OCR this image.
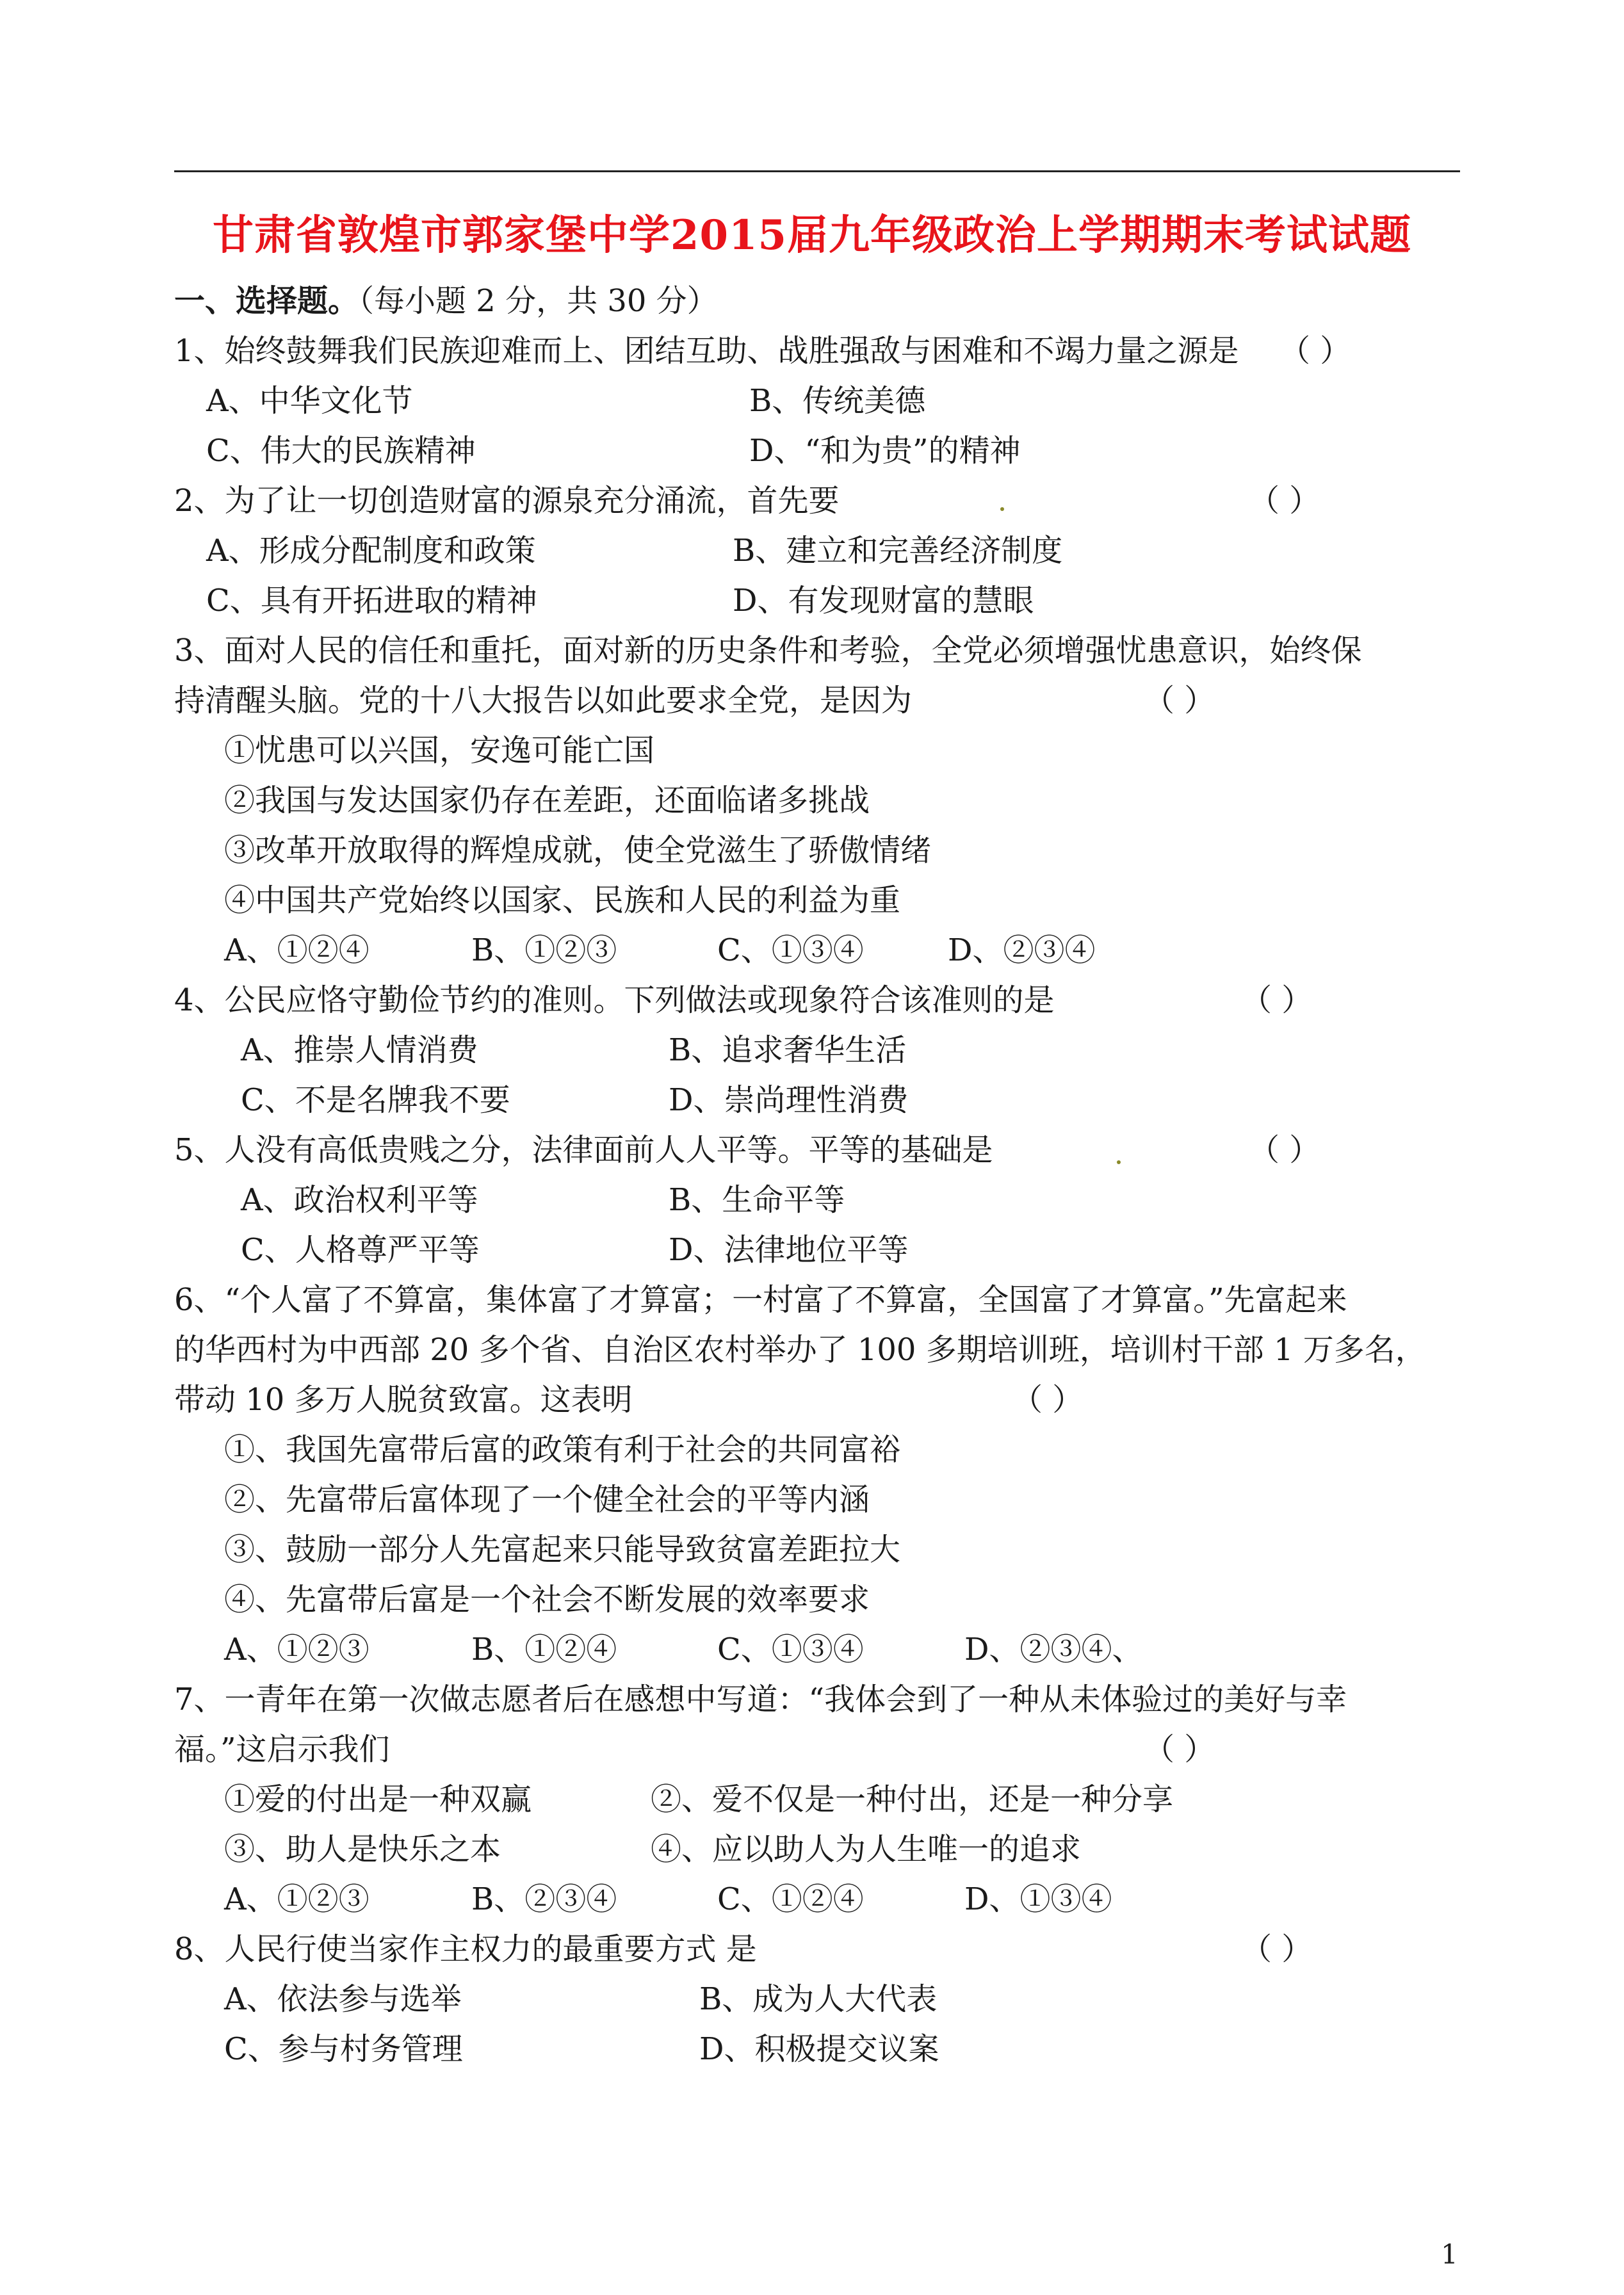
甘肃省敦煌市郭家堡中学2015届九年级政治上学期期末考试试题
一、选择题。（每小题 2 分，共 30 分）
1、始终鼓舞我们民族迎难而上、团结互助、战胜强敌与困难和不竭力量之源是 （ ）
A、中华文化节	B、传统美德
C、伟大的民族精神	D、“和为贵”的精神
2、为了让一切创造财富的源泉充分涌流，首先要	（ ）
A、形成分配制度和政策	B、建立和完善经济制度
C、具有开拓进取的精神	D、有发现财富的慧眼
3、面对人民的信任和重托，面对新的历史条件和考验，全党必须增强忧患意识，始终保
持清醒头脑。党的十八大报告以如此要求全党，是因为	（ ）
①忧患可以兴国，安逸可能亡国
②我国与发达国家仍存在差距，还面临诸多挑战
③改革开放取得的辉煌成就，使全党滋生了骄傲情绪
④中国共产党始终以国家、民族和人民的利益为重
A、①②④	B、①②③	C、①③④	D、②③④
4、公民应恪守勤俭节约的准则。下列做法或现象符合该准则的是	（ ）
A、推崇人情消费	B、追求奢华生活
C、不是名牌我不要	D、崇尚理性消费
5、人没有高低贵贱之分，法律面前人人平等。平等的基础是	（ ）
A、政治权利平等	B、生命平等
C、人格尊严平等	D、法律地位平等
6、“个人富了不算富，集体富了才算富；一村富了不算富，全国富了才算富。”先富起来
的华西村为中西部 20 多个省、自治区农村举办了 100 多期培训班，培训村干部 1 万多名，
带动 10 多万人脱贫致富。这表明	（ ）
①、我国先富带后富的政策有利于社会的共同富裕
②、先富带后富体现了一个健全社会的平等内涵
③、鼓励一部分人先富起来只能导致贫富差距拉大
④、先富带后富是一个社会不断发展的效率要求
A、①②③	B、①②④	C、①③④	D、②③④、
7、一青年在第一次做志愿者后在感想中写道：“我体会到了一种从未体验过的美好与幸
福。”这启示我们	（ ）
①爱的付出是一种双赢	②、爱不仅是一种付出，还是一种分享
③、助人是快乐之本	④、应以助人为人生唯一的追求
A、①②③	B、②③④	C、①②④	D、①③④
8、人民行使当家作主权力的最重要方式 是	（ ）
A、依法参与选举	B、成为人大代表
C、参与村务管理	D、积极提交议案
1
